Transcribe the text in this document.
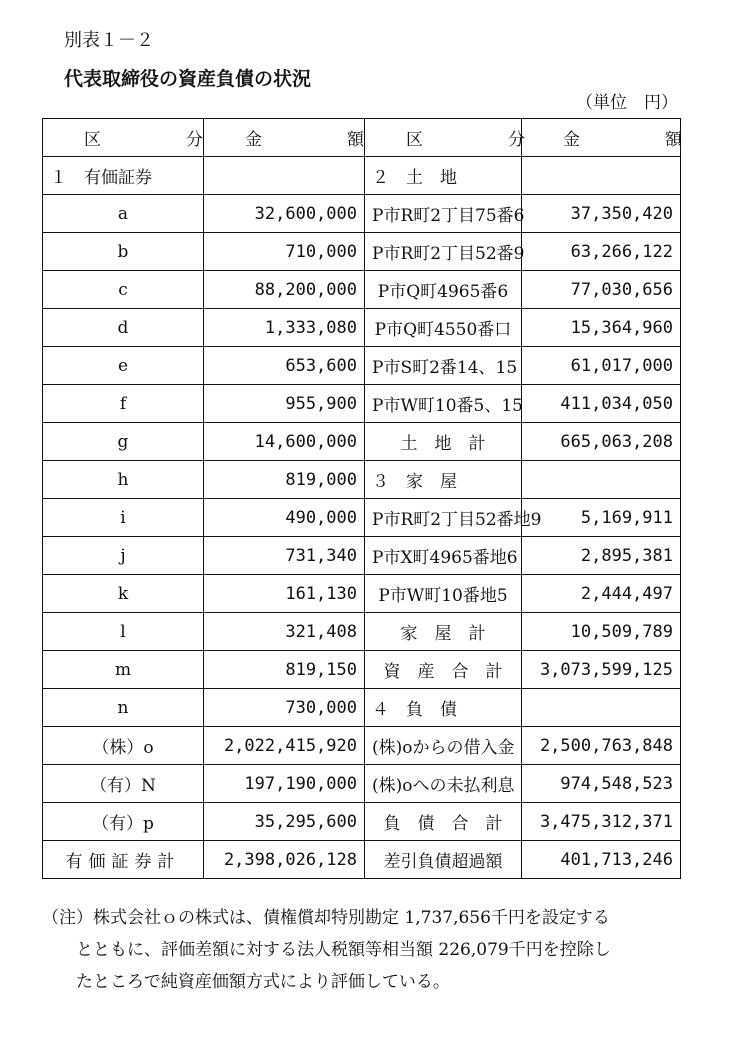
別表１－２
代表取締役の資産負債の状況
（単位　円）
区　分	金　額	区　分	金　額
１　有価証券		２　土　地	
a	32,600,000	P市R町2丁目75番6	37,350,420
b	710,000	P市R町2丁目52番9	63,266,122
c	88,200,000	P市Q町4965番6	77,030,656
d	1,333,080	P市Q町4550番口	15,364,960
e	653,600	P市S町2番14、15	61,017,000
f	955,900	P市W町10番5、15	411,034,050
g	14,600,000	土　地　計	665,063,208
h	819,000	３　家　屋	
i	490,000	P市R町2丁目52番地9	5,169,911
j	731,340	P市X町4965番地6	2,895,381
k	161,130	P市W町10番地5	2,444,497
l	321,408	家　屋　計	10,509,789
m	819,150	資　産　合　計	3,073,599,125
n	730,000	４　負　債	
（株）o	2,022,415,920	(株)oからの借入金	2,500,763,848
（有）N	197,190,000	(株)oへの未払利息	974,548,523
（有）p	35,295,600	負　債　合　計	3,475,312,371
有価証券計	2,398,026,128	差引負債超過額	401,713,246
（注）株式会社ｏの株式は、債権償却特別勘定 1,737,656千円を設定する
とともに、評価差額に対する法人税額等相当額 226,079千円を控除し
たところで純資産価額方式により評価している。
